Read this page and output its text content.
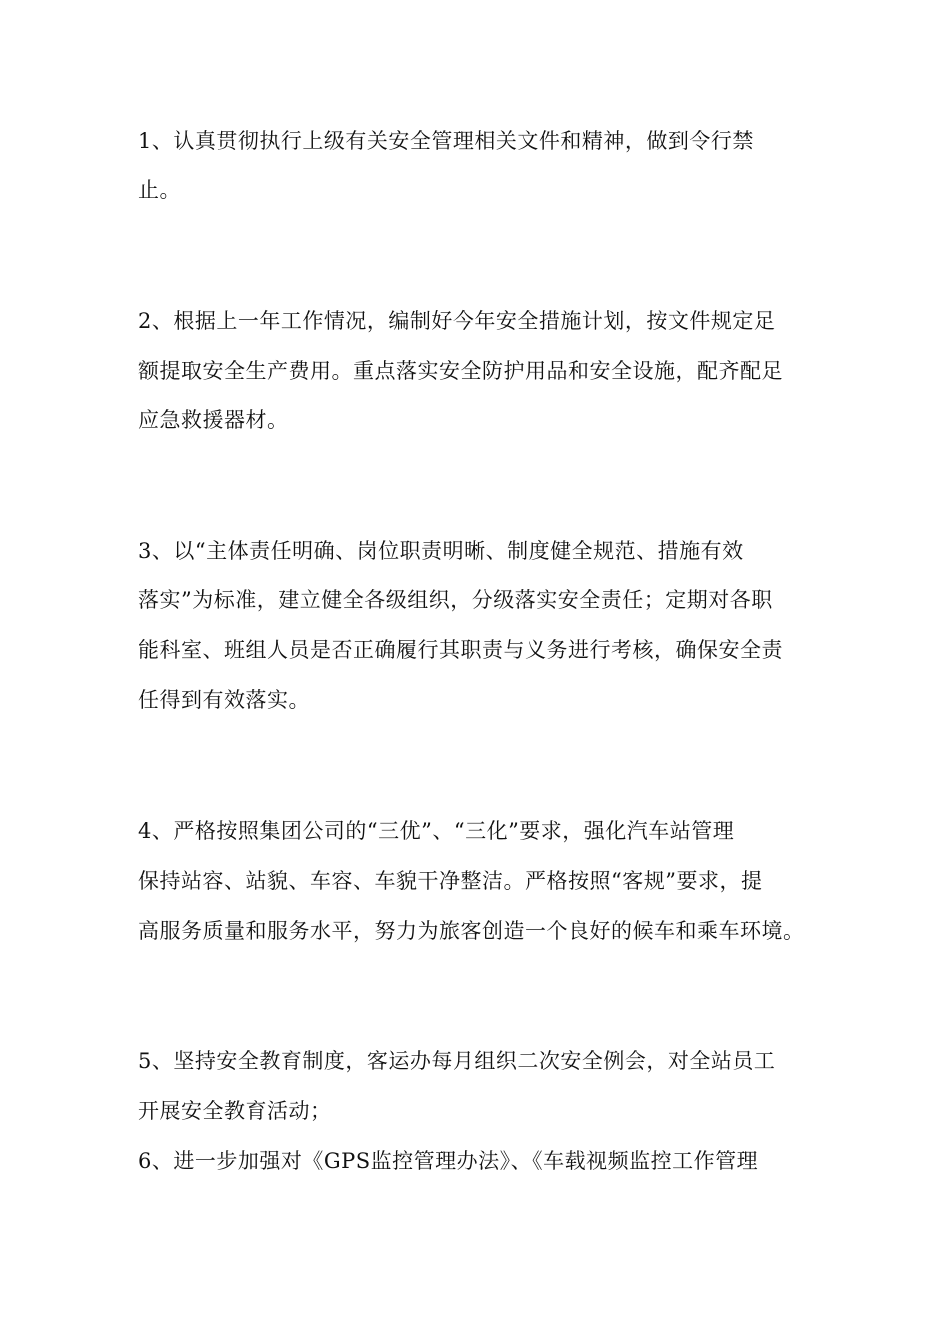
1、认真贯彻执行上级有关安全管理相关文件和精神，做到令行禁
止。
2、根据上一年工作情况，编制好今年安全措施计划，按文件规定足
额提取安全生产费用。重点落实安全防护用品和安全设施，配齐配足
应急救援器材。
3、以“主体责任明确、岗位职责明晰、制度健全规范、措施有效
落实”为标准，建立健全各级组织，分级落实安全责任；定期对各职
能科室、班组人员是否正确履行其职责与义务进行考核，确保安全责
任得到有效落实。
4、严格按照集团公司的“三优”、“三化”要求，强化汽车站管理
保持站容、站貌、车容、车貌干净整洁。严格按照“客规”要求，提
高服务质量和服务水平，努力为旅客创造一个良好的候车和乘车环境。
5、坚持安全教育制度，客运办每月组织二次安全例会，对全站员工
开展安全教育活动；
6、进一步加强对《GPS监控管理办法》、《车载视频监控工作管理
